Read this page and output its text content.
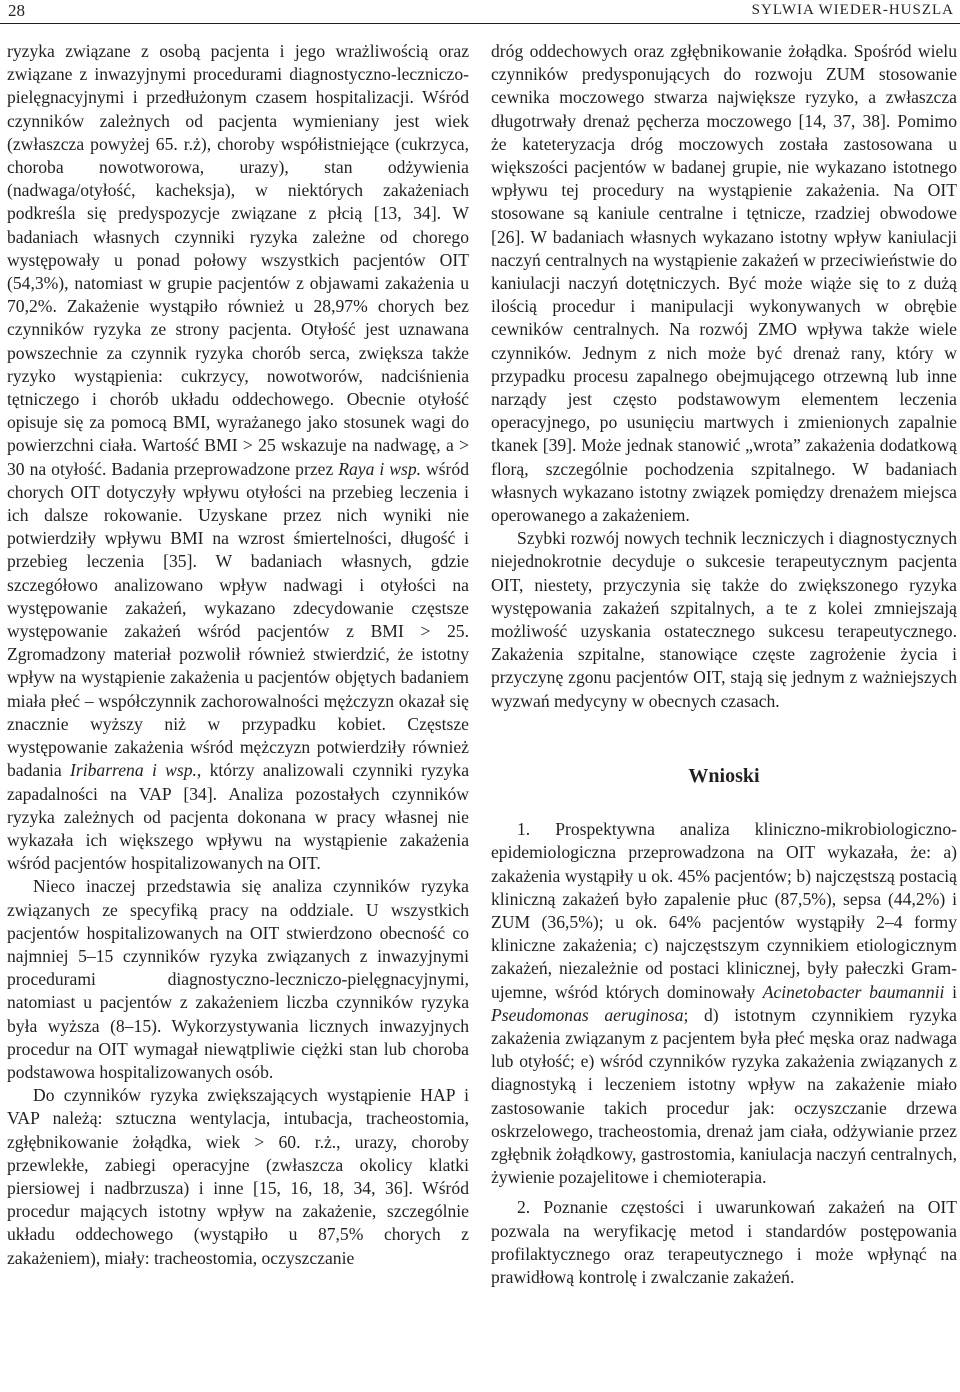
28	SYLWIA WIEDER-HUSZLA

ryzyka związane z osobą pacjenta i jego wrażliwością oraz związane z inwazyjnymi procedurami diagnostyczno-leczniczo-pielęgnacyjnymi i przedłużonym czasem hospitalizacji. Wśród czynników zależnych od pacjenta wymieniany jest wiek (zwłaszcza powyżej 65. r.ż), choroby współistniejące (cukrzyca, choroba nowotworowa, urazy), stan odżywienia (nadwaga/otyłość, kacheksja), w niektórych zakażeniach podkreśla się predyspozycje związane z płcią [13, 34]. W badaniach własnych czynniki ryzyka zależne od chorego występowały u ponad połowy wszystkich pacjentów OIT (54,3%), natomiast w grupie pacjentów z objawami zakażenia u 70,2%. Zakażenie wystąpiło również u 28,97% chorych bez czynników ryzyka ze strony pacjenta. Otyłość jest uznawana powszechnie za czynnik ryzyka chorób serca, zwiększa także ryzyko wystąpienia: cukrzycy, nowotworów, nadciśnienia tętniczego i chorób układu oddechowego. Obecnie otyłość opisuje się za pomocą BMI, wyrażanego jako stosunek wagi do powierzchni ciała. Wartość BMI > 25 wskazuje na nadwagę, a > 30 na otyłość. Badania przeprowadzone przez Raya i wsp. wśród chorych OIT dotyczyły wpływu otyłości na przebieg leczenia i ich dalsze rokowanie. Uzyskane przez nich wyniki nie potwierdziły wpływu BMI na wzrost śmiertelności, długość i przebieg leczenia [35]. W badaniach własnych, gdzie szczegółowo analizowano wpływ nadwagi i otyłości na występowanie zakażeń, wykazano zdecydowanie częstsze występowanie zakażeń wśród pacjentów z BMI > 25. Zgromadzony materiał pozwolił również stwierdzić, że istotny wpływ na wystąpienie zakażenia u pacjentów objętych badaniem miała płeć – współczynnik zachorowalności mężczyzn okazał się znacznie wyższy niż w przypadku kobiet. Częstsze występowanie zakażenia wśród mężczyzn potwierdziły również badania Iribarrena i wsp., którzy analizowali czynniki ryzyka zapadalności na VAP [34]. Analiza pozostałych czynników ryzyka zależnych od pacjenta dokonana w pracy własnej nie wykazała ich większego wpływu na wystąpienie zakażenia wśród pacjentów hospitalizowanych na OIT.

Nieco inaczej przedstawia się analiza czynników ryzyka związanych ze specyfiką pracy na oddziale. U wszystkich pacjentów hospitalizowanych na OIT stwierdzono obecność co najmniej 5–15 czynników ryzyka związanych z inwazyjnymi procedurami diagnostyczno-leczniczo-pielęgnacyjnymi, natomiast u pacjentów z zakażeniem liczba czynników ryzyka była wyższa (8–15). Wykorzystywania licznych inwazyjnych procedur na OIT wymagał niewątpliwie ciężki stan lub choroba podstawowa hospitalizowanych osób.

Do czynników ryzyka zwiększających wystąpienie HAP i VAP należą: sztuczna wentylacja, intubacja, tracheostomia, zgłębnikowanie żołądka, wiek > 60. r.ż., urazy, choroby przewlekłe, zabiegi operacyjne (zwłaszcza okolicy klatki piersiowej i nadbrzusza) i inne [15, 16, 18, 34, 36]. Wśród procedur mających istotny wpływ na zakażenie, szczególnie układu oddechowego (wystąpiło u 87,5% chorych z zakażeniem), miały: tracheostomia, oczyszczanie

dróg oddechowych oraz zgłębnikowanie żołądka. Spośród wielu czynników predysponujących do rozwoju ZUM stosowanie cewnika moczowego stwarza największe ryzyko, a zwłaszcza długotrwały drenaż pęcherza moczowego [14, 37, 38]. Pomimo że kateteryzacja dróg moczowych została zastosowana u większości pacjentów w badanej grupie, nie wykazano istotnego wpływu tej procedury na wystąpienie zakażenia. Na OIT stosowane są kaniule centralne i tętnicze, rzadziej obwodowe [26]. W badaniach własnych wykazano istotny wpływ kaniulacji naczyń centralnych na wystąpienie zakażeń w przeciwieństwie do kaniulacji naczyń dotętniczych. Być może wiąże się to z dużą ilością procedur i manipulacji wykonywanych w obrębie cewników centralnych. Na rozwój ZMO wpływa także wiele czynników. Jednym z nich może być drenaż rany, który w przypadku procesu zapalnego obejmującego otrzewną lub inne narządy jest często podstawowym elementem leczenia operacyjnego, po usunięciu martwych i zmienionych zapalnie tkanek [39]. Może jednak stanowić „wrota” zakażenia dodatkową florą, szczególnie pochodzenia szpitalnego. W badaniach własnych wykazano istotny związek pomiędzy drenażem miejsca operowanego a zakażeniem.

Szybki rozwój nowych technik leczniczych i diagnostycznych niejednokrotnie decyduje o sukcesie terapeutycznym pacjenta OIT, niestety, przyczynia się także do zwiększonego ryzyka występowania zakażeń szpitalnych, a te z kolei zmniejszają możliwość uzyskania ostatecznego sukcesu terapeutycznego. Zakażenia szpitalne, stanowiące częste zagrożenie życia i przyczynę zgonu pacjentów OIT, stają się jednym z ważniejszych wyzwań medycyny w obecnych czasach.

Wnioski
1. Prospektywna analiza kliniczno-mikrobiologiczno-epidemiologiczna przeprowadzona na OIT wykazała, że: a) zakażenia wystąpiły u ok. 45% pacjentów; b) najczęstszą postacią kliniczną zakażeń było zapalenie płuc (87,5%), sepsa (44,2%) i ZUM (36,5%); u ok. 64% pacjentów wystąpiły 2–4 formy kliniczne zakażenia; c) najczęstszym czynnikiem etiologicznym zakażeń, niezależnie od postaci klinicznej, były pałeczki Gram-ujemne, wśród których dominowały Acinetobacter baumannii i Pseudomonas aeruginosa; d) istotnym czynnikiem ryzyka zakażenia związanym z pacjentem była płeć męska oraz nadwaga lub otyłość; e) wśród czynników ryzyka zakażenia związanych z diagnostyką i leczeniem istotny wpływ na zakażenie miało zastosowanie takich procedur jak: oczyszczanie drzewa oskrzelowego, tracheostomia, drenaż jam ciała, odżywianie przez zgłębnik żołądkowy, gastrostomia, kaniulacja naczyń centralnych, żywienie pozajelitowe i chemioterapia.
2. Poznanie częstości i uwarunkowań zakażeń na OIT pozwala na weryfikację metod i standardów postępowania profilaktycznego oraz terapeutycznego i może wpłynąć na prawidłową kontrolę i zwalczanie zakażeń.
